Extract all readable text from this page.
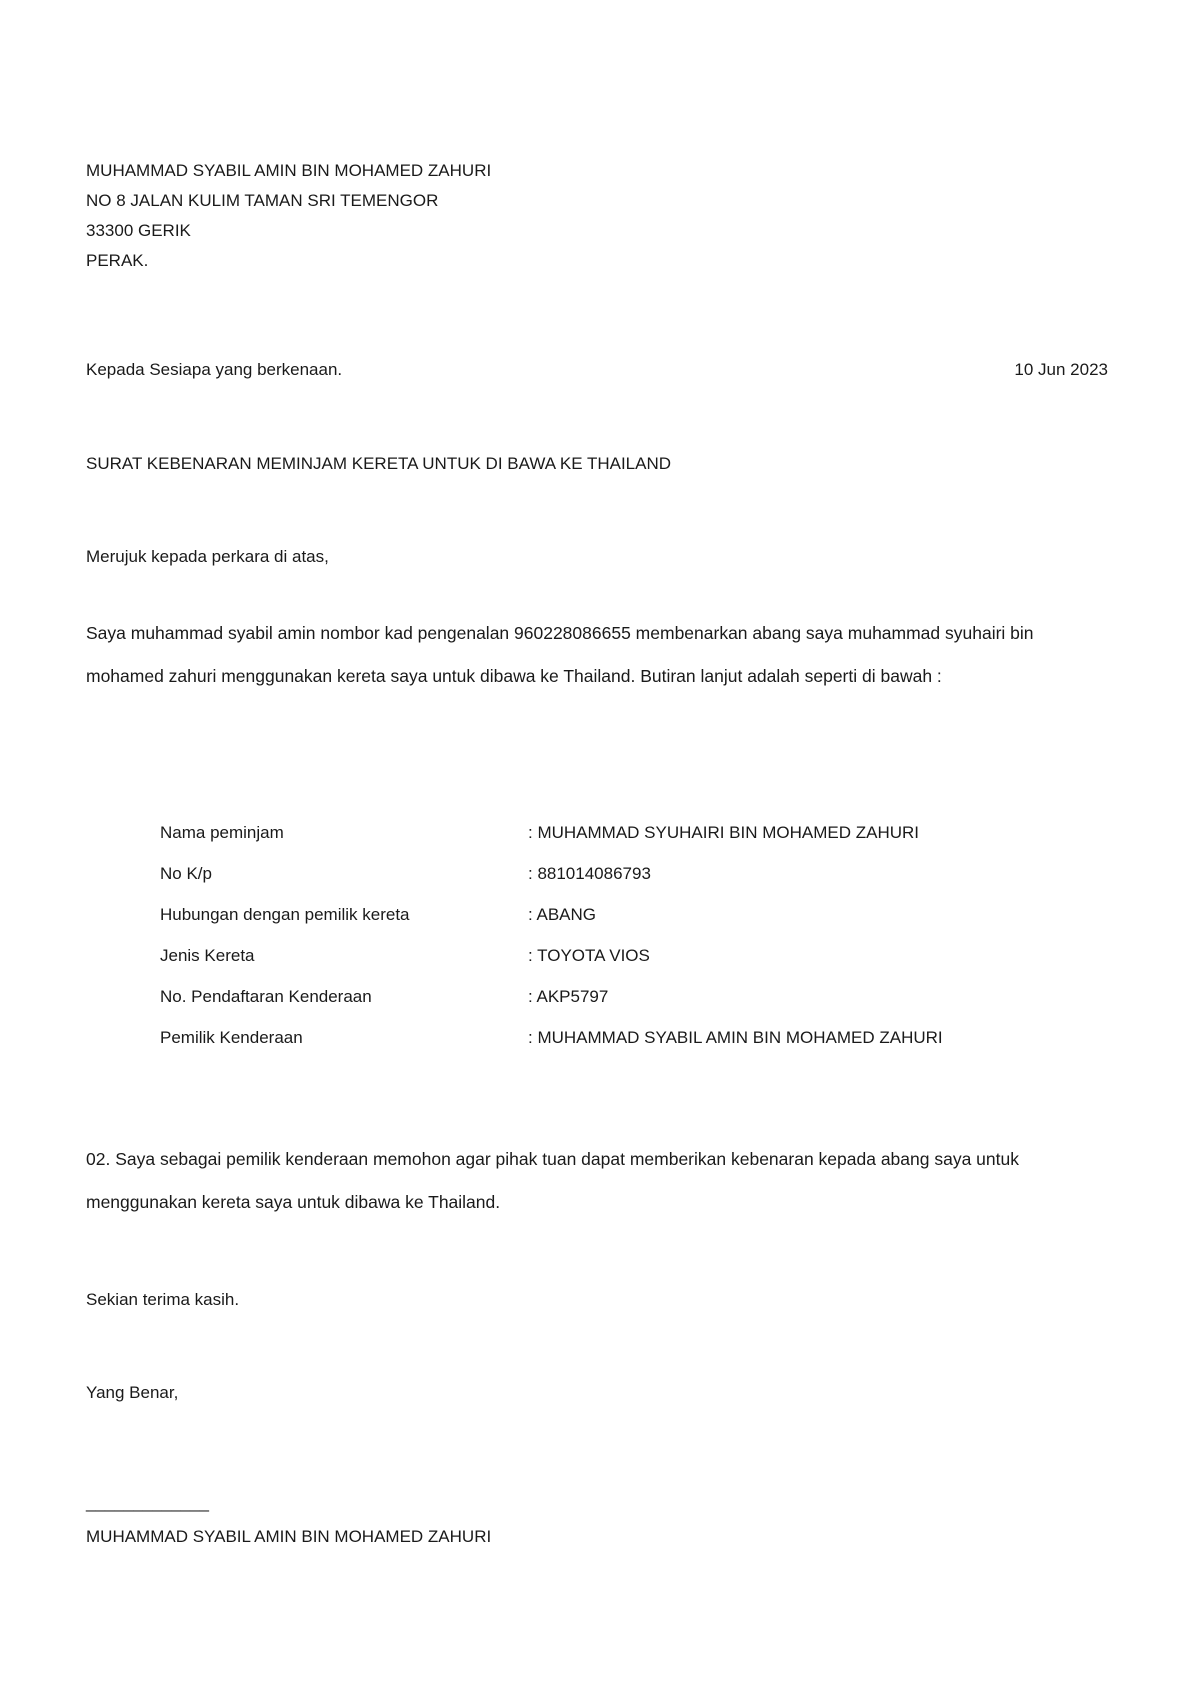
MUHAMMAD SYABIL AMIN BIN MOHAMED ZAHURI
NO 8 JALAN KULIM TAMAN SRI TEMENGOR
33300 GERIK
PERAK.
Kepada Sesiapa yang berkenaan.	10 Jun 2023
SURAT KEBENARAN MEMINJAM KERETA UNTUK DI BAWA KE THAILAND
Merujuk kepada perkara di atas,
Saya muhammad syabil amin nombor kad pengenalan 960228086655 membenarkan abang saya muhammad syuhairi bin mohamed zahuri menggunakan kereta saya untuk dibawa ke Thailand. Butiran lanjut adalah seperti di bawah :
Nama peminjam	: MUHAMMAD SYUHAIRI BIN MOHAMED ZAHURI
No K/p	: 881014086793
Hubungan dengan pemilik kereta	: ABANG
Jenis Kereta	: TOYOTA VIOS
No. Pendaftaran Kenderaan	: AKP5797
Pemilik Kenderaan	: MUHAMMAD SYABIL AMIN BIN MOHAMED ZAHURI
02. Saya sebagai pemilik kenderaan memohon agar pihak tuan dapat memberikan kebenaran kepada abang saya untuk menggunakan kereta saya untuk dibawa ke Thailand.
Sekian terima kasih.
Yang Benar,
_____________
MUHAMMAD SYABIL AMIN BIN MOHAMED ZAHURI
